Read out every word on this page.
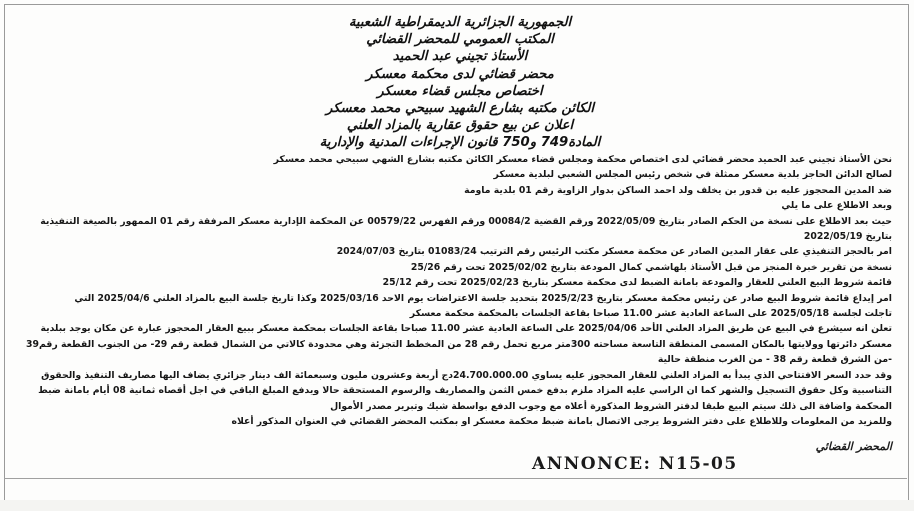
الجمهورية الجزائرية الديمقراطية الشعبية
المكتب العمومي للمحضر القضائي
الأستاذ تجيني عبد الحميد
محضر قضائي لدى محكمة معسكر
اختصاص مجلس قضاء معسكر
الكائن مكتبه بشارع الشهيد سبيحي محمد معسكر
اعلان عن بيع حقوق عقارية بالمزاد العلني
المادة749 و750 قانون الإجراءات المدنية والإدارية
نحن الأستاذ تجيني عبد الحميد محضر قضائي لدى اختصاص محكمة ومجلس قضاء معسكر الكائن مكتبه بشارع الشهي سبيحي محمد معسكر
لصالح الدائن الحاجز بلدية معسكر ممثلة في شخص رئيس المجلس الشعبي لبلدية معسكر
ضد المدين المحجوز عليه بن قدور بن يخلف ولد احمد الساكن بدوار الزاوية رقم 01 بلدية ماومة
وبعد الاطلاع على ما يلي
حيث بعد الاطلاع على نسخة من الحكم الصادر بتاريخ 2022/05/09 ورقم القضية 00084/2 ورقم الفهرس 00579/22 عن المحكمة الإدارية معسكر المرفقة رقم 01 الممهور بالصيغة التنفيذية
بتاريخ 2022/05/19
امر بالحجز التنفيذي على عقار المدين الصادر عن محكمة معسكر مكتب الرئيس رقم الترتيب 01083/24 بتاريخ 2024/07/03
نسخة من تقرير خبرة المنجز من قبل الأستاذ بلهاشمي كمال المودعة بتاريخ 2025/02/02 تحت رقم 25/26
قائمة شروط البيع العلني للعقار والمودعة بامانة الضبط لدى محكمة معسكر بتاريخ 2025/02/23 تحت رقم 25/12
امر إيداع قائمة شروط البيع صادر عن رئيس محكمة معسكر بتاريخ 2025/2/23 بتحديد جلسة الاعتراضات يوم الاحد 2025/03/16 وكذا تاريخ جلسة البيع بالمزاد العلني 2025/04/6 التي
تاجلت لجلسة 2025/05/18 على الساعة العادية عشر 11.00 صباحا بقاعة الجلسات بالمحكمة محكمة معسكر
تعلن انه سيشرع في البيع عن طريق المزاد العلني الأحد 2025/04/06 على الساعة العادية عشر 11.00 صباحا بقاعة الجلسات بمحكمة معسكر ببيع العقار المحجوز عبارة عن مكان يوجد ببلدية
معسكر دائرتها وولايتها بالمكان المسمى المنطقة التاسعة مساحته 300متر مربع تحمل رقم 28 من المخطط التجزئة وهي محدودة كالاتي من الشمال قطعة رقم 29- من الجنوب القطعة رقم39
-من الشرق قطعة رقم 38 - من الغرب منطقة حالية
وقد حدد السعر الافتتاحي الذي يبدأ به المزاد العلني للعقار المحجوز عليه يساوي 24.700.000.00دج أربعة وعشرون مليون وسبعمائة الف دينار جزائري يضاف اليها مصاريف التنفيذ والحقوق
التناسبية وكل حقوق التسجيل والشهر كما ان الراسي عليه المزاد ملزم بدفع خمس الثمن والمصاريف والرسوم المستحقة حالا ويدفع المبلغ الباقي في اجل أقصاه ثمانية 08 أيام بامانة ضبط
المحكمة واضافة الى ذلك سيتم البيع طبقا لدفتر الشروط المذكورة أعلاه مع وجوب الدفع بواسطة شيك وتبرير مصدر الأموال
وللمزيد من المعلومات وللاطلاع على دفتر الشروط يرجى الاتصال بامانة ضبط محكمة معسكر او بمكتب المحضر القضائي في العنوان المذكور أعلاه
المحضر القضائي
ANNONCE: N15-05
